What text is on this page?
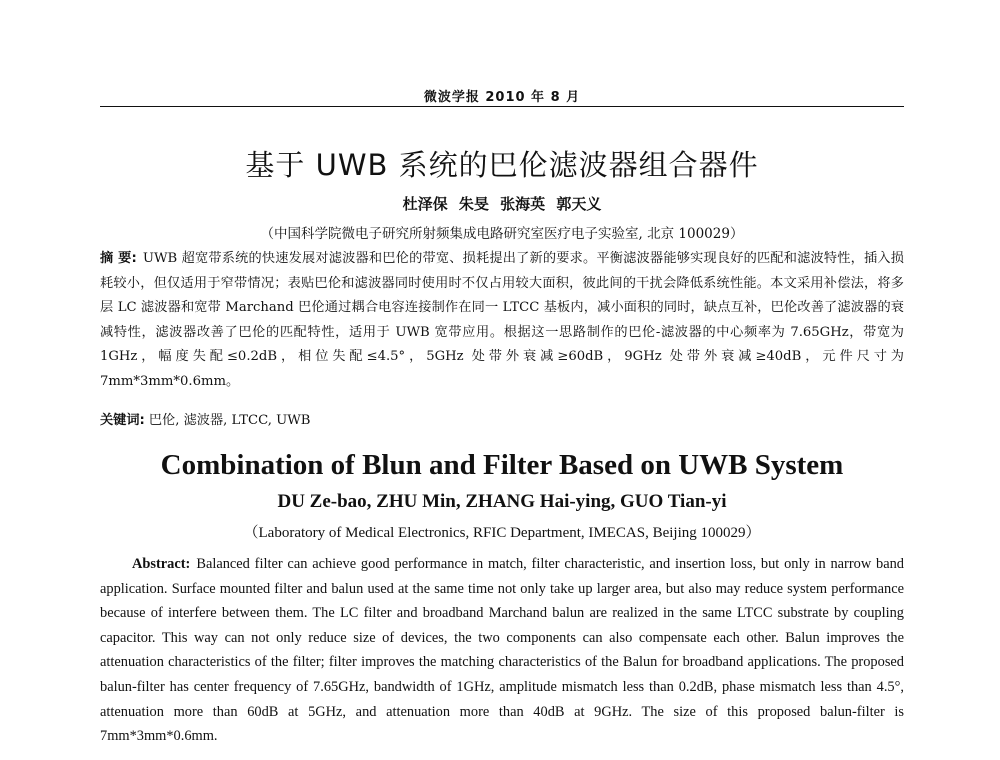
微波学报 2010 年 8 月
基于 UWB 系统的巴伦滤波器组合器件
杜泽保 朱旻 张海英 郭天义
（中国科学院微电子研究所射频集成电路研究室医疗电子实验室, 北京 100029）
摘 要: UWB 超宽带系统的快速发展对滤波器和巴伦的带宽、损耗提出了新的要求。平衡滤波器能够实现良好的匹配和滤波特性，插入损耗较小，但仅适用于窄带情况；表贴巴伦和滤波器同时使用时不仅占用较大面积，彼此间的干扰会降低系统性能。本文采用补偿法，将多层 LC 滤波器和宽带 Marchand 巴伦通过耦合电容连接制作在同一 LTCC 基板内，减小面积的同时，缺点互补，巴伦改善了滤波器的衰减特性，滤波器改善了巴伦的匹配特性，适用于 UWB 宽带应用。根据这一思路制作的巴伦-滤波器的中心频率为 7.65GHz，带宽为 1GHz，幅度失配≤0.2dB，相位失配≤4.5°，5GHz 处带外衰减≥60dB，9GHz 处带外衰减≥40dB，元件尺寸为 7mm*3mm*0.6mm。
关键词: 巴伦, 滤波器, LTCC, UWB
Combination of Blun and Filter Based on UWB System
DU Ze-bao, ZHU Min, ZHANG Hai-ying, GUO Tian-yi
（Laboratory of Medical Electronics, RFIC Department, IMECAS, Beijing 100029）
Abstract: Balanced filter can achieve good performance in match, filter characteristic, and insertion loss, but only in narrow band application. Surface mounted filter and balun used at the same time not only take up larger area, but also may reduce system performance because of interfere between them. The LC filter and broadband Marchand balun are realized in the same LTCC substrate by coupling capacitor. This way can not only reduce size of devices, the two components can also compensate each other. Balun improves the attenuation characteristics of the filter; filter improves the matching characteristics of the Balun for broadband applications. The proposed balun-filter has center frequency of 7.65GHz, bandwidth of 1GHz, amplitude mismatch less than 0.2dB, phase mismatch less than 4.5°, attenuation more than 60dB at 5GHz, and attenuation more than 40dB at 9GHz. The size of this proposed balun-filter is 7mm*3mm*0.6mm.
